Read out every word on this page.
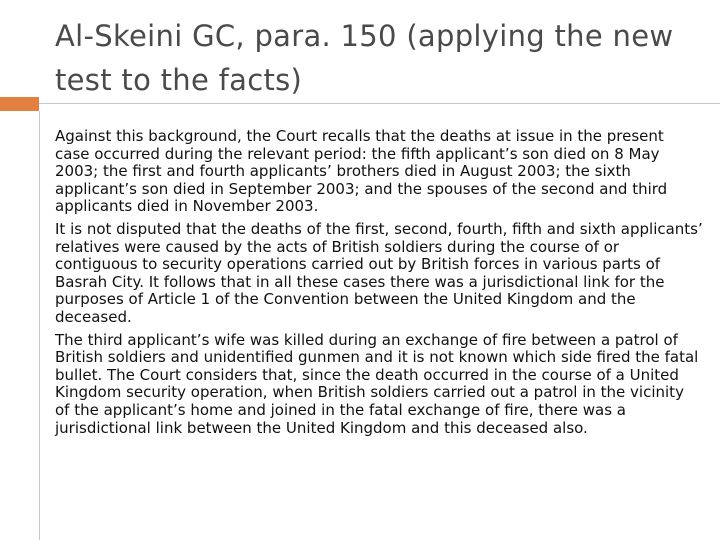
Al-Skeini GC, para. 150 (applying the new test to the facts)

Against this background, the Court recalls that the deaths at issue in the present case occurred during the relevant period: the fifth applicant’s son died on 8 May 2003; the first and fourth applicants’ brothers died in August 2003; the sixth applicant’s son died in September 2003; and the spouses of the second and third applicants died in November 2003.

It is not disputed that the deaths of the first, second, fourth, fifth and sixth applicants’ relatives were caused by the acts of British soldiers during the course of or contiguous to security operations carried out by British forces in various parts of Basrah City. It follows that in all these cases there was a jurisdictional link for the purposes of Article 1 of the Convention between the United Kingdom and the deceased.

The third applicant’s wife was killed during an exchange of fire between a patrol of British soldiers and unidentified gunmen and it is not known which side fired the fatal bullet. The Court considers that, since the death occurred in the course of a United Kingdom security operation, when British soldiers carried out a patrol in the vicinity of the applicant’s home and joined in the fatal exchange of fire, there was a jurisdictional link between the United Kingdom and this deceased also.
